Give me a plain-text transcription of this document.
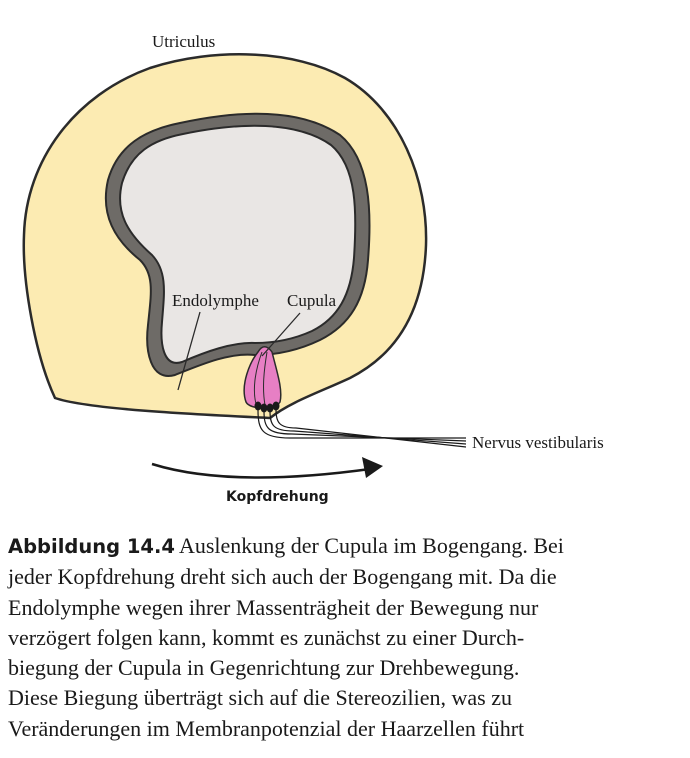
Utriculus
Endolymphe Cupula
Nervus vestibularis
Kopfdrehung
Abbildung 14.4 Auslenkung der Cupula im Bogengang. Bei
jeder Kopfdrehung dreht sich auch der Bogengang mit. Da die
Endolymphe wegen ihrer Massenträgheit der Bewegung nur
verzögert folgen kann, kommt es zunächst zu einer Durch-
biegung der Cupula in Gegenrichtung zur Drehbewegung.
Diese Biegung überträgt sich auf die Stereozilien, was zu
Veränderungen im Membranpotenzial der Haarzellen führt
